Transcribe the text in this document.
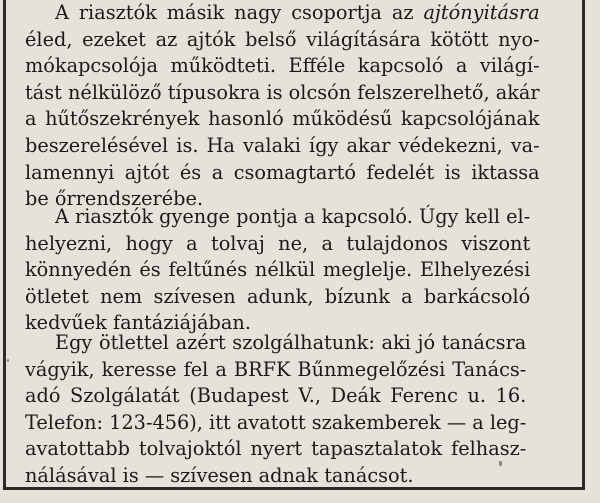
A riasztók másik nagy csoportja az ajtónyitásra
éled, ezeket az ajtók belső világítására kötött nyo-
mókapcsolója működteti. Efféle kapcsoló a világí-
tást nélkülöző típusokra is olcsón felszerelhető, akár
a hűtőszekrények hasonló működésű kapcsolójának
beszerelésével is. Ha valaki így akar védekezni, va-
lamennyi ajtót és a csomagtartó fedelét is iktassa
be őrrendszerébe.
A riasztók gyenge pontja a kapcsoló. Úgy kell el-
helyezni, hogy a tolvaj ne, a tulajdonos viszont
könnyedén és feltűnés nélkül meglelje. Elhelyezési
ötletet nem szívesen adunk, bízunk a barkácsoló
kedvűek fantáziájában.
Egy ötlettel azért szolgálhatunk: aki jó tanácsra
vágyik, keresse fel a BRFK Bűnmegelőzési Tanács-
adó Szolgálatát (Budapest V., Deák Ferenc u. 16.
Telefon: 123-456), itt avatott szakemberek — a leg-
avatottabb tolvajoktól nyert tapasztalatok felhasz-
nálásával is — szívesen adnak tanácsot.
